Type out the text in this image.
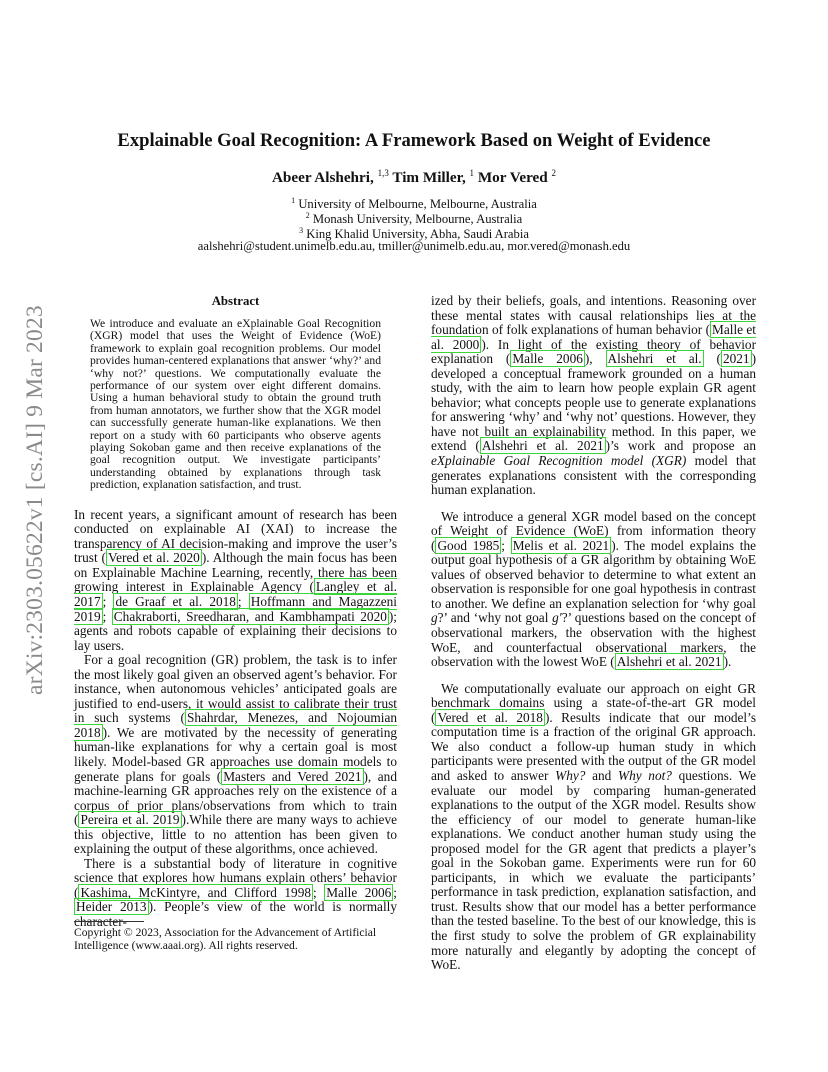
arXiv:2303.05622v1 [cs.AI] 9 Mar 2023
Explainable Goal Recognition: A Framework Based on Weight of Evidence
Abeer Alshehri, $^{1,3}$ Tim Miller, $^1$ Mor Vered $^2$
$^1$ University of Melbourne, Melbourne, Australia
$^2$ Monash University, Melbourne, Australia
$^3$ King Khalid University, Abha, Saudi Arabia
aalshehri@student.unimelb.edu.au, tmiller@unimelb.edu.au, mor.vered@monash.edu
Abstract
We introduce and evaluate an eXplainable Goal Recognition (XGR) model that uses the Weight of Evidence (WoE) framework to explain goal recognition problems. Our model provides human-centered explanations that answer ‘why?’ and ‘why not?’ questions. We computationally evaluate the performance of our system over eight different domains. Using a human behavioral study to obtain the ground truth from human annotators, we further show that the XGR model can successfully generate human-like explanations. We then report on a study with 60 participants who observe agents playing Sokoban game and then receive explanations of the goal recognition output. We investigate participants’ understanding obtained by explanations through task prediction, explanation satisfaction, and trust.

In recent years, a significant amount of research has been conducted on explainable AI (XAI) to increase the transparency of AI decision-making and improve the user’s trust ( Vered et al. 2020 ). Although the main focus has been on Explainable Machine Learning, recently, there has been growing interest in Explainable Agency ( Langley et al. 2017 ; de Graaf et al. 2018 ; Hoffmann and Magazzeni 2019 ; Chakraborti, Sreedharan, and Kambhampati 2020 ); agents and robots capable of explaining their decisions to lay users.

For a goal recognition (GR) problem, the task is to infer the most likely goal given an observed agent’s behavior. For instance, when autonomous vehicles’ anticipated goals are justified to end-users, it would assist to calibrate their trust in such systems ( Shahrdar, Menezes, and Nojoumian 2018 ). We are motivated by the necessity of generating human-like explanations for why a certain goal is most likely. Model-based GR approaches use domain models to generate plans for goals ( Masters and Vered 2021 ), and machine-learning GR approaches rely on the existence of a corpus of prior plans/observations from which to train ( Pereira et al. 2019 ).While there are many ways to achieve this objective, little to no attention has been given to explaining the output of these algorithms, once achieved.

There is a substantial body of literature in cognitive science that explores how humans explain others’ behavior ( Kashima, McKintyre, and Clifford 1998 ; Malle 2006 ; Heider 2013 ). People’s view of the world is normally character-

Copyright © 2023, Association for the Advancement of Artificial Intelligence (www.aaai.org). All rights reserved.

ized by their beliefs, goals, and intentions. Reasoning over these mental states with causal relationships lies at the foundation of folk explanations of human behavior ( Malle et al. 2000 ). In light of the existing theory of behavior explanation ( Malle 2006 ), Alshehri et al. ( 2021 ) developed a conceptual framework grounded on a human study, with the aim to learn how people explain GR agent behavior; what concepts people use to generate explanations for answering ‘why’ and ‘why not’ questions. However, they have not built an explainability method. In this paper, we extend ( Alshehri et al. 2021 )’s work and propose an eXplainable Goal Recognition model (XGR) model that generates explanations consistent with the corresponding human explanation.

We introduce a general XGR model based on the concept of Weight of Evidence (WoE) from information theory ( Good 1985 ; Melis et al. 2021 ). The model explains the output goal hypothesis of a GR algorithm by obtaining WoE values of observed behavior to determine to what extent an observation is responsible for one goal hypothesis in contrast to another. We define an explanation selection for ‘why goal g?’ and ‘why not goal g′?’ questions based on the concept of observational markers, the observation with the highest WoE, and counterfactual observational markers, the observation with the lowest WoE ( Alshehri et al. 2021 ).

We computationally evaluate our approach on eight GR benchmark domains using a state-of-the-art GR model ( Vered et al. 2018 ). Results indicate that our model’s computation time is a fraction of the original GR approach. We also conduct a follow-up human study in which participants were presented with the output of the GR model and asked to answer Why? and Why not? questions. We evaluate our model by comparing human-generated explanations to the output of the XGR model. Results show the efficiency of our model to generate human-like explanations. We conduct another human study using the proposed model for the GR agent that predicts a player’s goal in the Sokoban game. Experiments were run for 60 participants, in which we evaluate the participants’ performance in task prediction, explanation satisfaction, and trust. Results show that our model has a better performance than the tested baseline. To the best of our knowledge, this is the first study to solve the problem of GR explainability more naturally and elegantly by adopting the concept of WoE.
